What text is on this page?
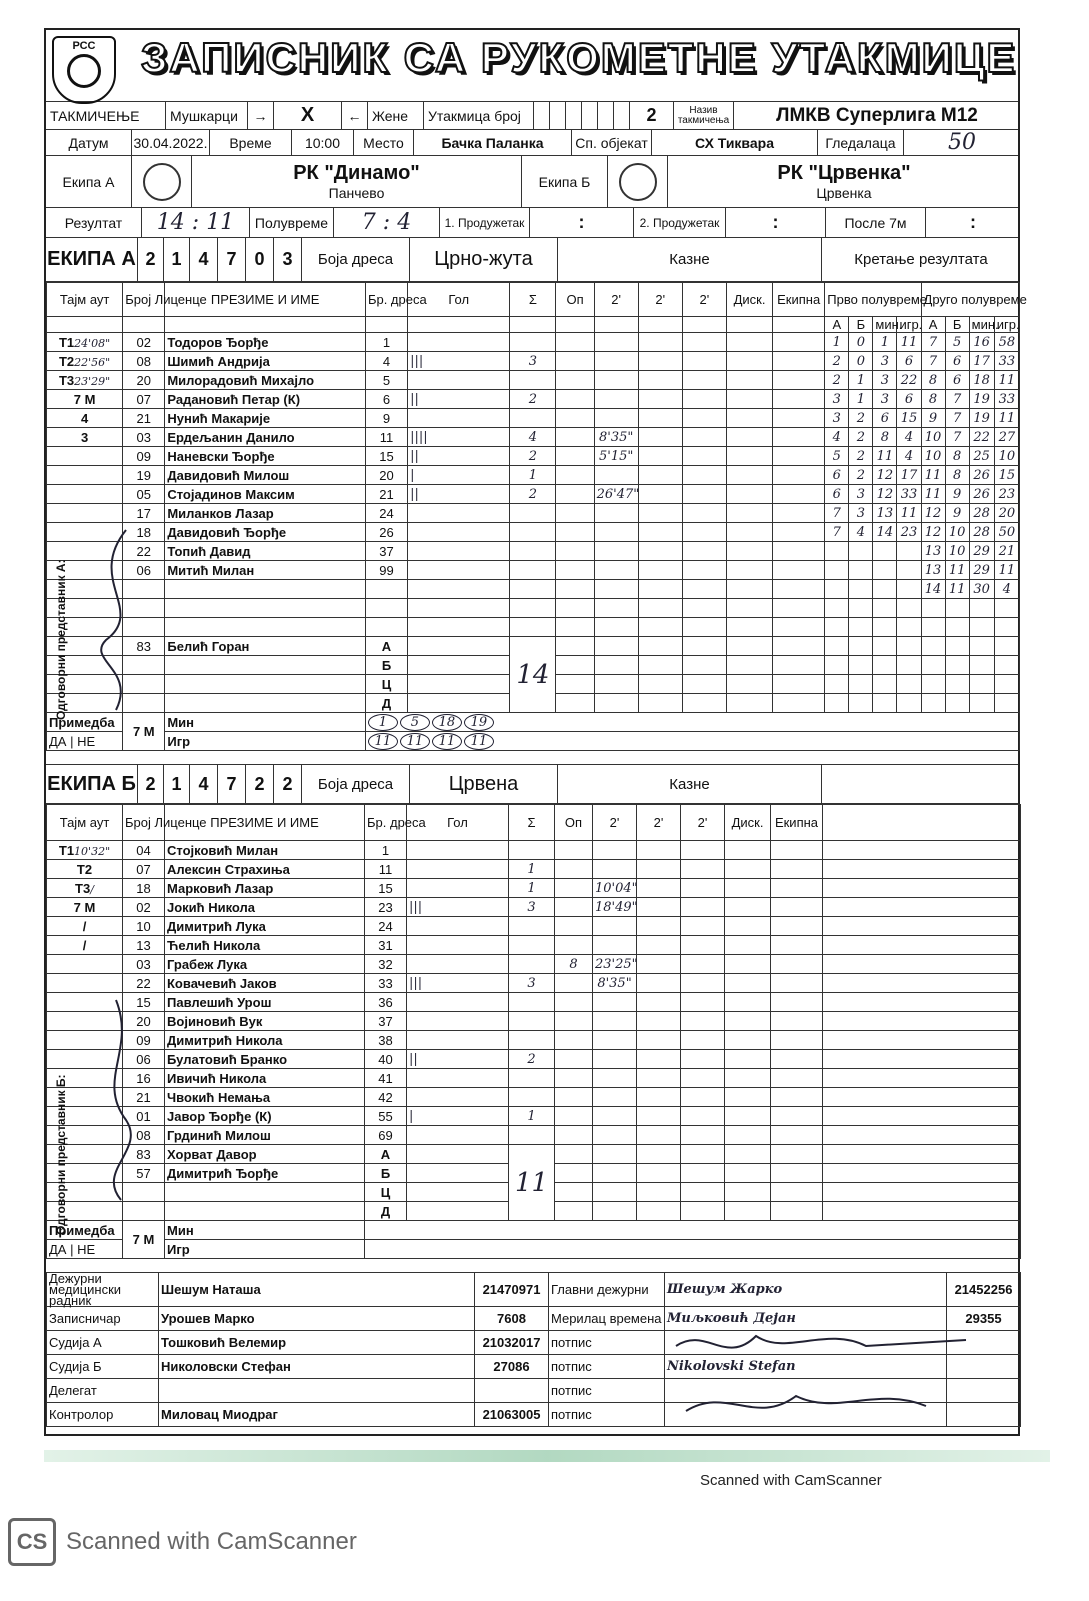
РСС ЗАПИСНИК СА РУКОМЕТНЕ УТАКМИЦЕ
ТАКМИЧЕЊЕ	Мушкарци	→	X	← Жене	Утакмица број	2	Назив такмичења	ЛМКВ Суперлига М12
Датум	30.04.2022.	Време	10:00	Место	Бачка Паланка	Сп. објекат	СХ Тиквара	Гледалаца	50
Екипа А	РК "Динамо"
Панчево
Екипа Б	РК "Црвенка"
Црвенка
Резултат	14 : 11	Полувреме	7 : 4	1. Продужетак	:	2. Продужетак	:	После 7м	:
ЕКИПА А 2 1 4 7 0 3	Боја дреса	Црно-жута	Казне	Кретање резултата
Тајм аут	Број Лиценце	ПРЕЗИМЕ И ИМЕ	Бр. дреса	Гол	Σ	Оп	2'	2'	2'	Диск.	Екипна	Прво полувреме				Друго полувреме			
												А	Б	мин.	игр.	А	Б	мин.	игр.
T124'08"	02	Тодоров Ђорђе	1									1	0	1	11	7	5	16	58
T222'56"	08	Шимић Андрија	4	|||	3							2	0	3	6	7	6	17	33
T323'29"	20	Милорадовић Михајло	5									2	1	3	22	8	6	18	11
7 M	07	Радановић Петар (К)	6	||	2							3	1	3	6	8	7	19	33
4	21	Нунић Макарије	9									3	2	6	15	9	7	19	11
3	03	Ердељанин Данило	11	||||	4		8'35"					4	2	8	4	10	7	22	27
	09	Наневски Ђорђе	15	||	2		5'15"					5	2	11	4	10	8	25	10
	19	Давидовић Милош	20	|	1							6	2	12	17	11	8	26	15
	05	Стојадинов Максим	21	||	2		26'47"					6	3	12	33	11	9	26	23
	17	Миланков Лазар	24									7	3	13	11	12	9	28	20
	18	Давидовић Ђорђе	26									7	4	14	23	12	10	28	50
	22	Топић Давид	37													13	10	29	21
	06	Митић Милан	99													13	11	29	11
																14	11	30	4

	83	Белић Горан	А		14														
			Б																
			Ц																
			Д																
Примедба	7 М	Мин	1 5 18 19																
ДА | НЕ		Игр	11 11 11 11																
ЕКИПА Б 2 1 4 7 2 2	Боја дреса	Црвена	Казне
Тајм аут	Број Лиценце	ПРЕЗИМЕ И ИМЕ	Бр. дреса	Гол	Σ	Оп	2'	2'	2'	Диск.	Екипна	
T110'32"	04	Стојковић Милан	1									
T2	07	Алексин Страхиња	11		1							
T3/	18	Марковић Лазар	15		1		10'04"					
7 M	02	Јокић Никола	23	|||	3		18'49"					
/	10	Димитрић Лука	24									
/	13	Ћелић Никола	31									
	03	Грабеж Лука	32			8	23'25"					
	22	Ковачевић Јаков	33	|||	3		8'35"					
	15	Павлешић Урош	36									
	20	Војиновић Вук	37									
	09	Димитрић Никола	38									
	06	Булатовић Бранко	40	||	2							
	16	Ивичић Никола	41									
	21	Чвокић Немања	42									
	01	Јавор Ђорђе (К)	55	|	1							
	08	Грдинић Милош	69									
	83	Хорват Давор	А		11							
	57	Димитрић Ђорђе	Б									
			Ц									
			Д									
Примедба	7 М	Мин										
ДА | НЕ		Игр										
Дежурни медицински радник	Шешум Наташа	21470971	Главни дежурни	Шешум Жарко	21452256
Записничар	Урошев Марко	7608	Мерилац времена	Миљковић Дејан	29355
Судија А	Тошковић Велемир	21032017	потпис		
Судија Б	Николовски Стефан	27086	потпис	Nikolovski Stefan	
Делегат			потпис		
Контролор	Миловац Миодраг	21063005	потпис		
Одговорни представник А:
Одговорни представник Б:
Scanned with CamScanner
CS Scanned with CamScanner
